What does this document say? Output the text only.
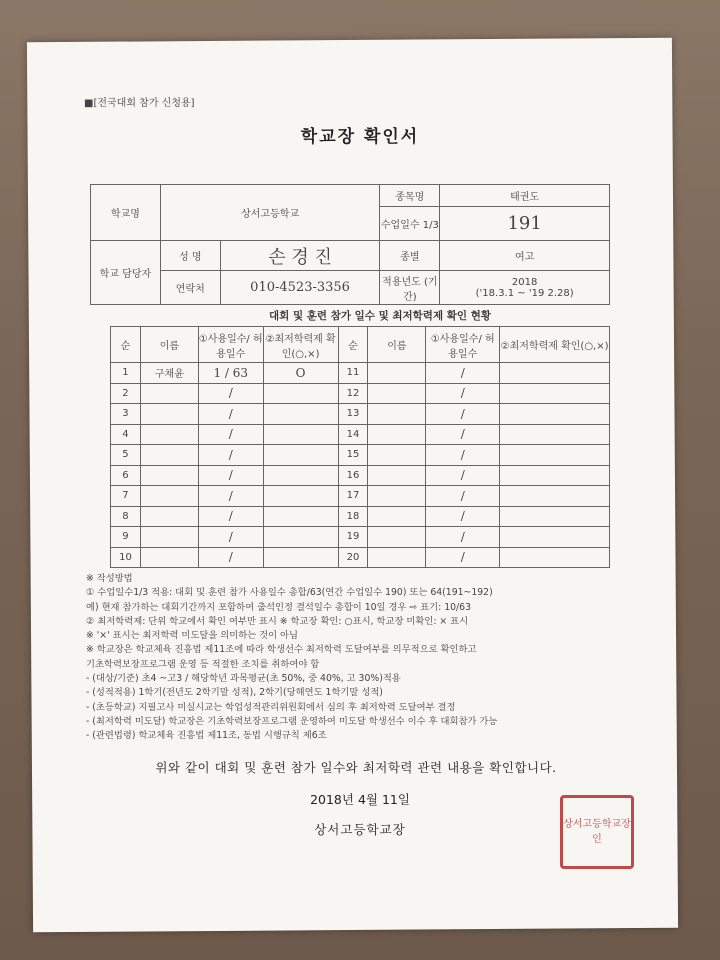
■[전국대회 참가 신청용]
학교장 확인서
학교명	상서고등학교		종목명	태권도
			수업일수 1/3	191
학교 담당자	성 명	손 경 진	종별	여고
	연락처	010-4523-3356	적용년도 (기간)	2018
('18.3.1 ~ '19 2.28)
대회 및 훈련 참가 일수 및 최저학력제 확인 현황
순	이름	①사용일수/ 허용일수	②최저학력제 확인(○,×)	순	이름	①사용일수/ 허용일수	②최저학력제 확인(○,×)
1	구채윤	1 / 63	O	11		/	
2		/		12		/	
3		/		13		/	
4		/		14		/	
5		/		15		/	
6		/		16		/	
7		/		17		/	
8		/		18		/	
9		/		19		/	
10		/		20		/	
※ 작성방법
① 수업일수1/3 적용: 대회 및 훈련 참가 사용일수 총합/63(연간 수업일수 190) 또는 64(191~192)
예) 현재 참가하는 대회기간까지 포함하여 출석인정 결석일수 총합이 10일 경우 ⇨ 표기: 10/63
② 최저학력제: 단위 학교에서 확인 여부만 표시 ※ 학교장 확인: ○표시, 학교장 미확인: × 표시
※ '×' 표시는 최저학력 미도달을 의미하는 것이 아님
※ 학교장은 학교체육 진흥법 제11조에 따라 학생선수 최저학력 도달여부를 의무적으로 확인하고
기초학력보장프로그램 운영 등 적절한 조치를 취하여야 함
- (대상/기준) 초4 ~고3 / 해당학년 과목평균(초 50%, 중 40%, 고 30%)적용
- (성적적용) 1학기(전년도 2학기말 성적), 2학기(당해연도 1학기말 성적)
- (초등학교) 지필고사 미실시교는 학업성적관리위원회에서 심의 후 최저학력 도달여부 결정
- (최저학력 미도달) 학교장은 기초학력보장프로그램 운영하여 미도달 학생선수 이수 후 대회참가 가능
- (관련법령) 학교체육 진흥법 제11조, 동법 시행규칙 제6조
위와 같이 대회 및 훈련 참가 일수와 최저학력 관련 내용을 확인합니다.
2018년 4월 11일
상서고등학교장	상서고등학교장인
